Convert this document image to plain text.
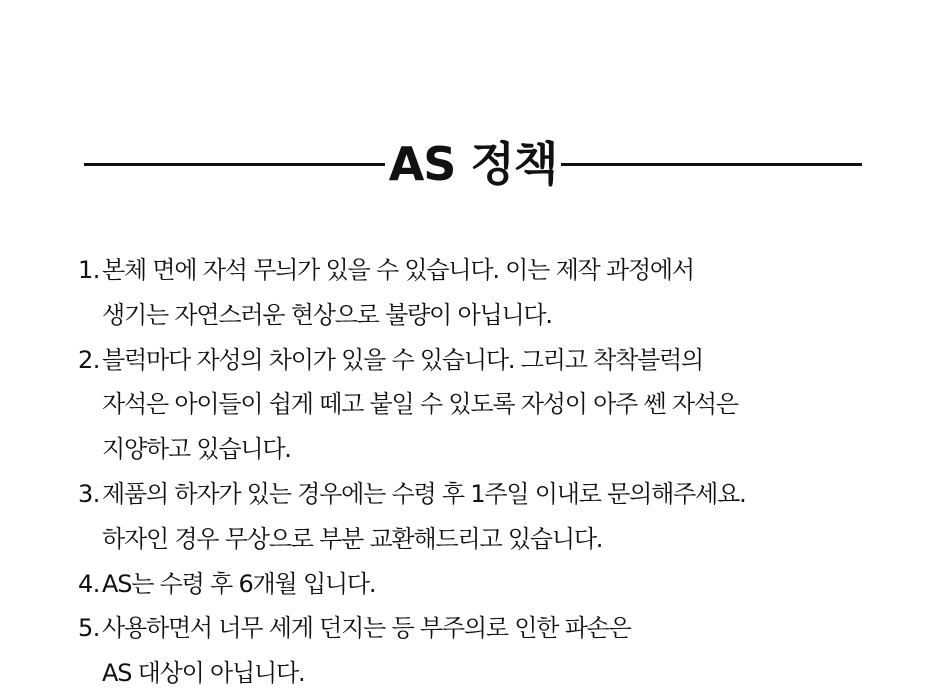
AS 정책
1. 본체 면에 자석 무늬가 있을 수 있습니다. 이는 제작 과정에서
생기는 자연스러운 현상으로 불량이 아닙니다.
2. 블럭마다 자성의 차이가 있을 수 있습니다. 그리고 착착블럭의
자석은 아이들이 쉽게 떼고 붙일 수 있도록 자성이 아주 쎈 자석은
지양하고 있습니다.
3. 제품의 하자가 있는 경우에는 수령 후 1주일 이내로 문의해주세요.
하자인 경우 무상으로 부분 교환해드리고 있습니다.
4. AS는 수령 후 6개월 입니다.
5. 사용하면서 너무 세게 던지는 등 부주의로 인한 파손은
AS 대상이 아닙니다.
